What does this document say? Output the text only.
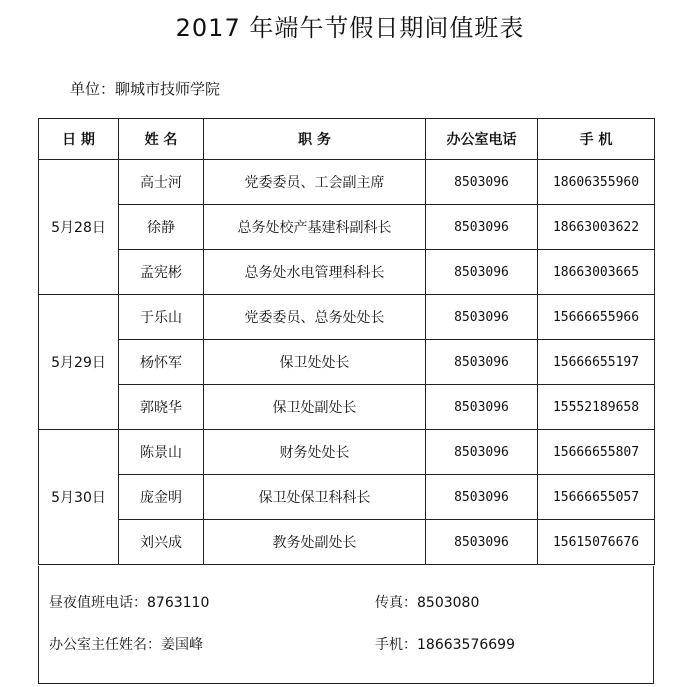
2017 年端午节假日期间值班表
单位：聊城市技师学院
日 期	姓 名	职 务	办公室电话	手 机
5月28日	高士河	党委委员、工会副主席	8503096	18606355960
	徐静	总务处校产基建科副科长	8503096	18663003622
	孟宪彬	总务处水电管理科科长	8503096	18663003665
5月29日	于乐山	党委委员、总务处处长	8503096	15666655966
	杨怀军	保卫处处长	8503096	15666655197
	郭晓华	保卫处副处长	8503096	15552189658
5月30日	陈景山	财务处处长	8503096	15666655807
	庞金明	保卫处保卫科科长	8503096	15666655057
	刘兴成	教务处副处长	8503096	15615076676
昼夜值班电话：8763110	传真：8503080
办公室主任姓名：姜国峰	手机：18663576699
